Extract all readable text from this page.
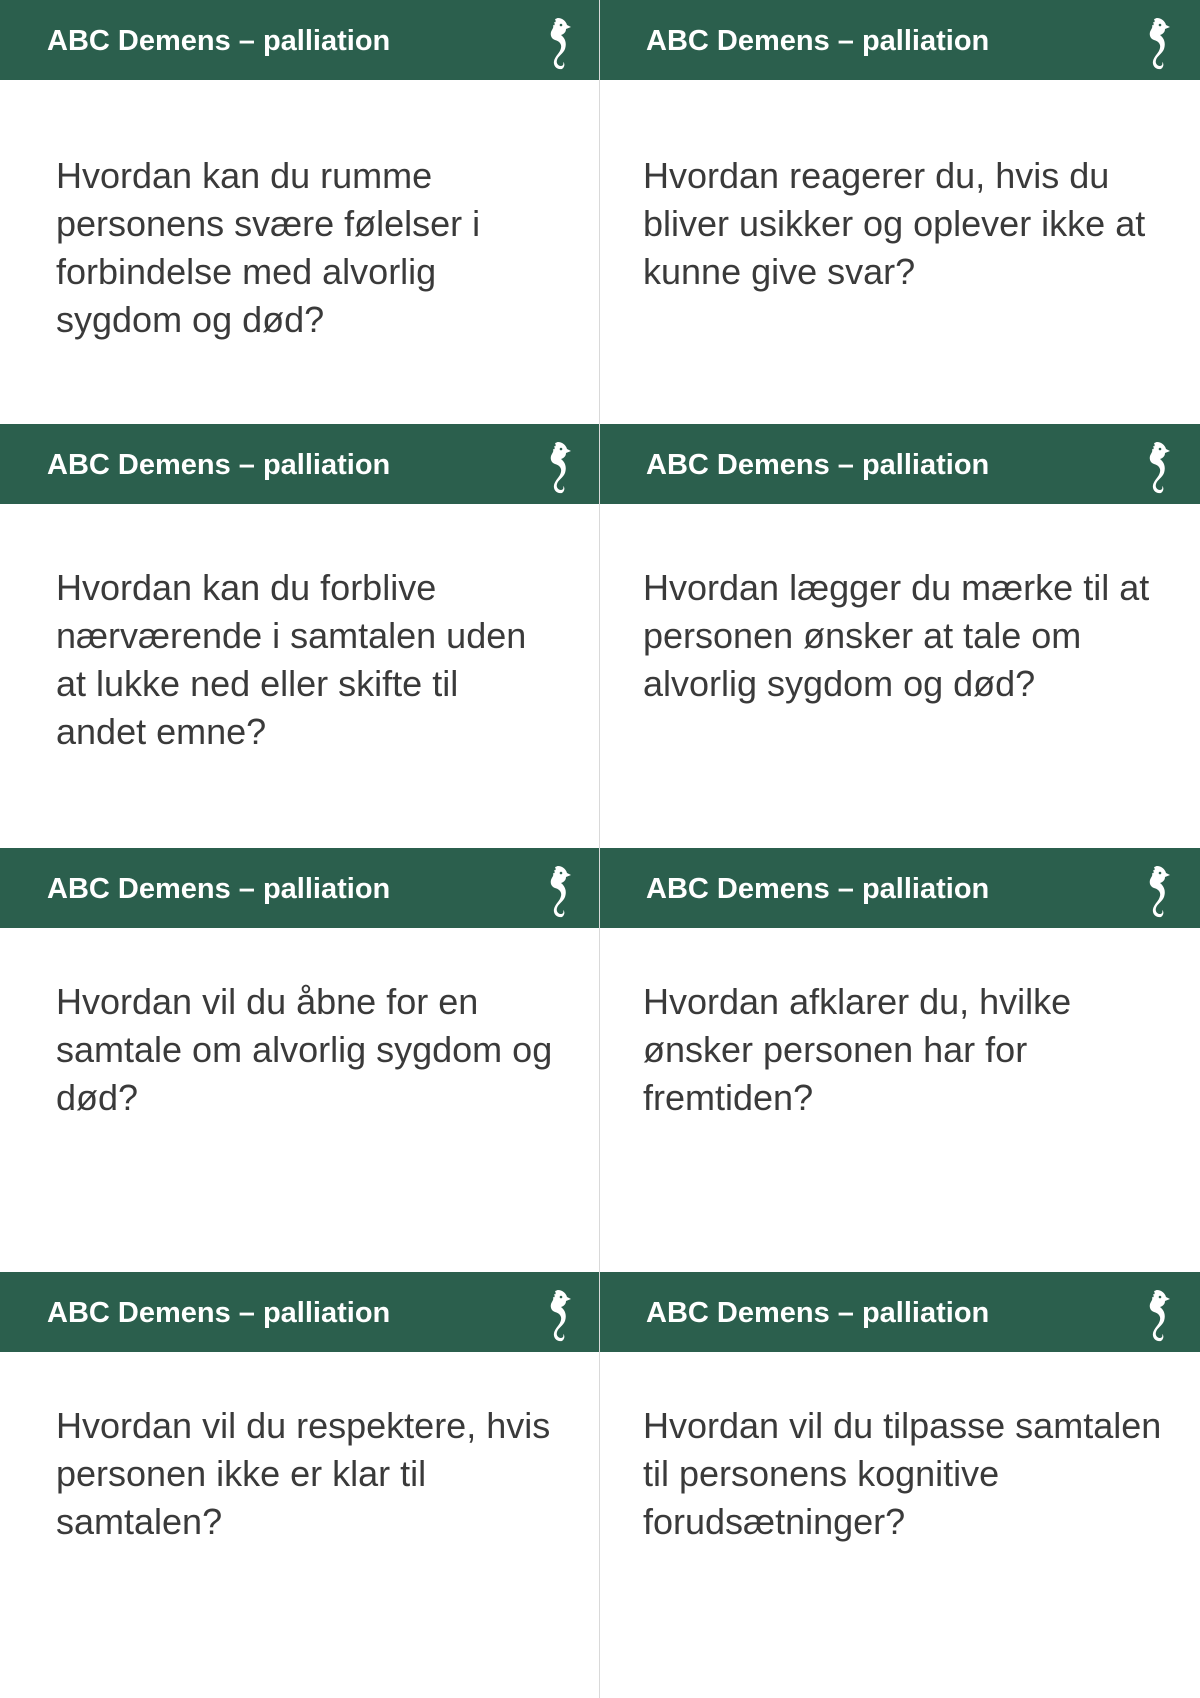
ABC Demens – palliation

Hvordan kan du rumme personens svære følelser i forbindelse med alvorlig sygdom og død?

ABC Demens – palliation

Hvordan reagerer du, hvis du bliver usikker og oplever ikke at kunne give svar?

ABC Demens – palliation

Hvordan kan du forblive nærværende i samtalen uden at lukke ned eller skifte til andet emne?

ABC Demens – palliation

Hvordan lægger du mærke til at personen ønsker at tale om alvorlig sygdom og død?

ABC Demens – palliation

Hvordan vil du åbne for en samtale om alvorlig sygdom og død?

ABC Demens – palliation

Hvordan afklarer du, hvilke ønsker personen har for fremtiden?

ABC Demens – palliation

Hvordan vil du respektere, hvis personen ikke er klar til samtalen?

ABC Demens – palliation

Hvordan vil du tilpasse samtalen til personens kognitive forudsætninger?
